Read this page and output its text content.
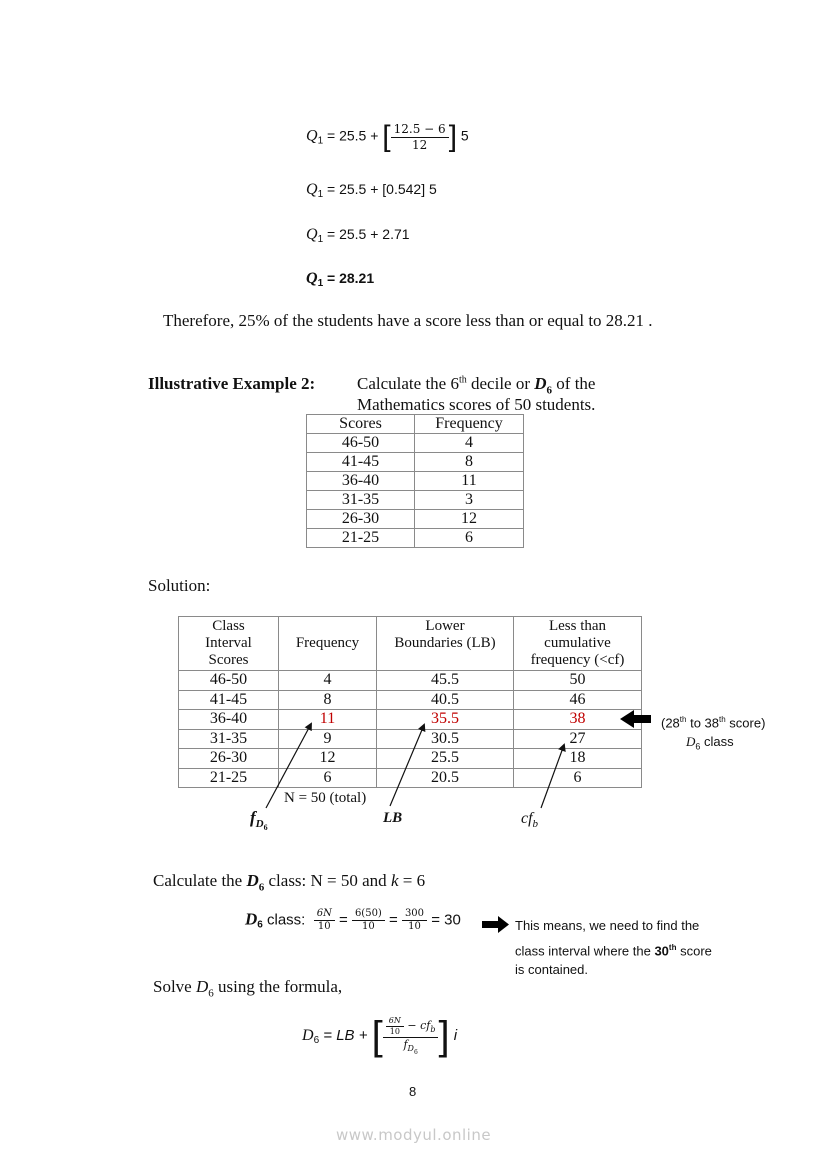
$Q_1 = 25.5$ + [ $\frac{12.5 - 6}{12}$ ] 5
$Q_1 = 25.5 + [0.542]$ 5
$Q_1 = 25.5 + 2.71$
$Q_1 = 28.21$
Therefore, 25% of the students have a score less than or equal to 28.21 .
Illustrative Example 2: Calculate the 6th decile or $D_6$ of the
Mathematics scores of 50 students.
Scores	Frequency
46-50	4
41-45	8
36-40	11
31-35	3
26-30	12
21-25	6
Solution:
Class
Interval
Scores

Frequency

Lower
Boundaries (LB)

Less than
cumulative
frequency (<cf)

46-50	4	45.5	50
41-45	8	40.5	46
36-40	11	35.5	38
31-35	9	30.5	27
26-30	12	25.5	18
21-25	6	20.5	6
N = 50 (total)
$f_{D_6}$
LB	$cf_b$
(28th to 38th score)
$D_6$ class
Calculate the $D_6$ class: N = 50 and k = 6
$D_6$ class: $\frac{6N}{10} = \frac{6(50)}{10} = \frac{300}{10} = 30$	This means, we need to find the
class interval where the 30th score
is contained.
Solve $D_6$ using the formula,
$D_6$ = LB + [ $\frac{\frac{6N}{10} - cf_b}{f_{D_6}}$ ] i
8
www.modyul.online
